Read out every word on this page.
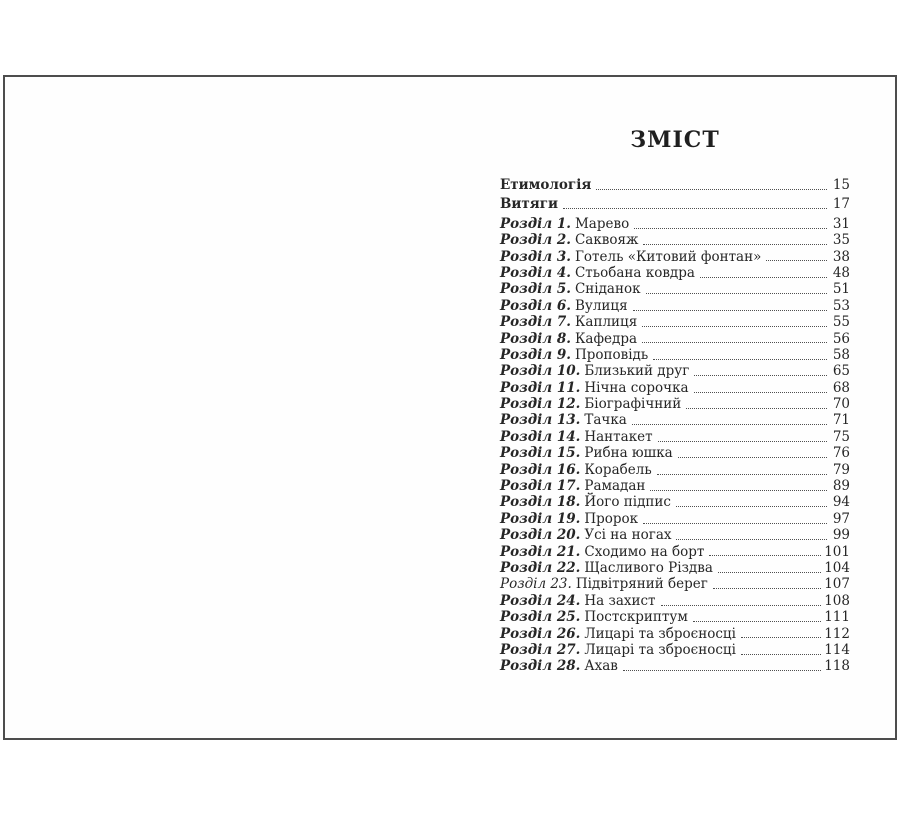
ЗМІСТ
Етимологія	15
Витяги	17
Розділ 1. Марево	31
Розділ 2. Саквояж	35
Розділ 3. Готель «Китовий фонтан»	38
Розділ 4. Стьобана ковдра	48
Розділ 5. Сніданок	51
Розділ 6. Вулиця	53
Розділ 7. Каплиця	55
Розділ 8. Кафедра	56
Розділ 9. Проповідь	58
Розділ 10. Близький друг	65
Розділ 11. Нічна сорочка	68
Розділ 12. Біографічний	70
Розділ 13. Тачка	71
Розділ 14. Нантакет	75
Розділ 15. Рибна юшка	76
Розділ 16. Корабель	79
Розділ 17. Рамадан	89
Розділ 18. Його підпис	94
Розділ 19. Пророк	97
Розділ 20. Усі на ногах	99
Розділ 21. Сходимо на борт	101
Розділ 22. Щасливого Різдва	104
Розділ 23. Підвітряний берег	107
Розділ 24. На захист	108
Розділ 25. Постскриптум	111
Розділ 26. Лицарі та зброєносці	112
Розділ 27. Лицарі та зброєносці	114
Розділ 28. Ахав	118
